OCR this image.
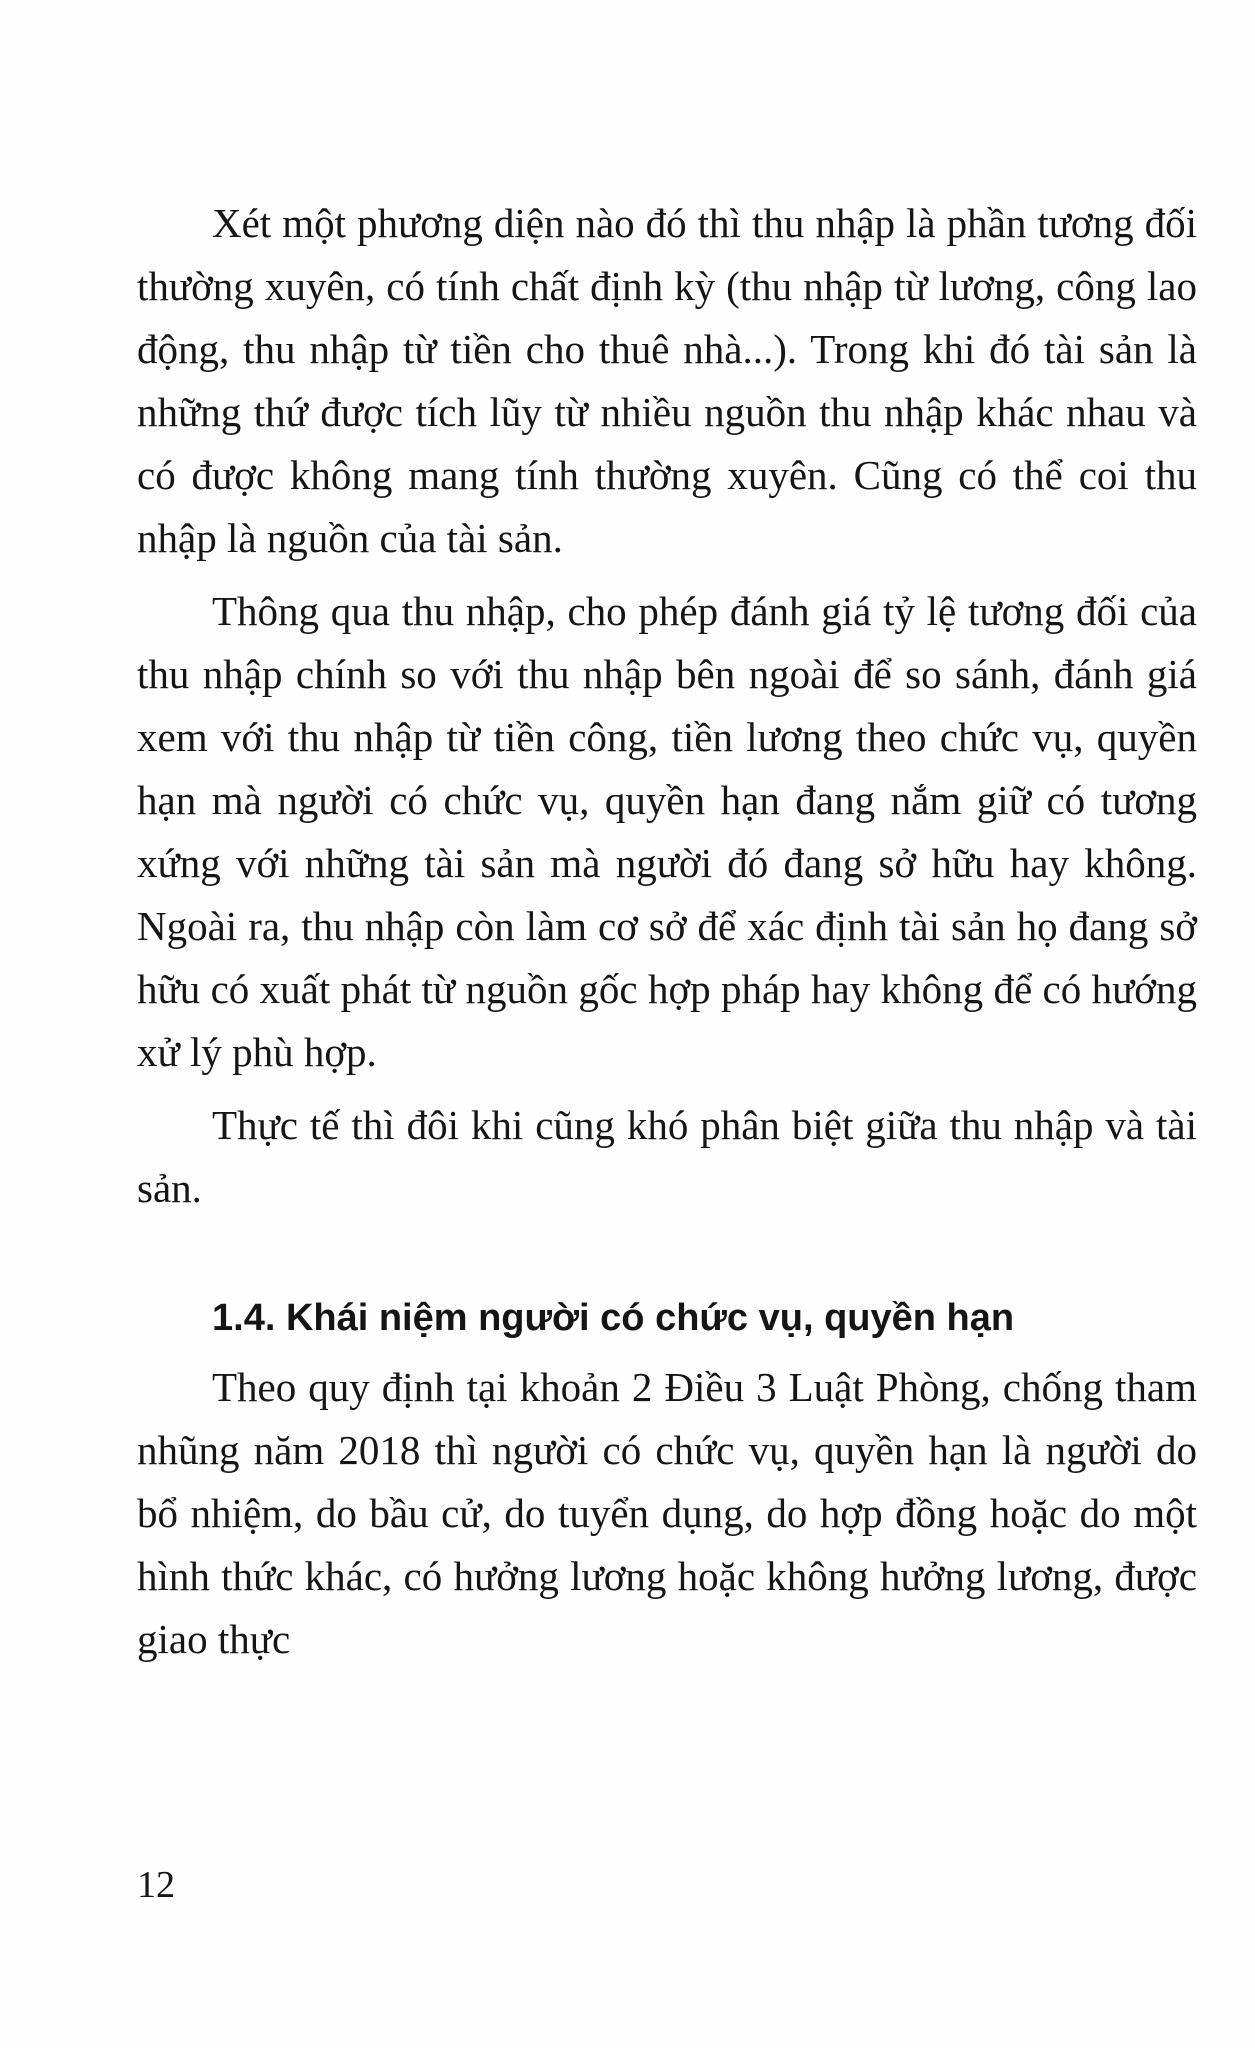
Xét một phương diện nào đó thì thu nhập là phần tương đối thường xuyên, có tính chất định kỳ (thu nhập từ lương, công lao động, thu nhập từ tiền cho thuê nhà...). Trong khi đó tài sản là những thứ được tích lũy từ nhiều nguồn thu nhập khác nhau và có được không mang tính thường xuyên. Cũng có thể coi thu nhập là nguồn của tài sản.

Thông qua thu nhập, cho phép đánh giá tỷ lệ tương đối của thu nhập chính so với thu nhập bên ngoài để so sánh, đánh giá xem với thu nhập từ tiền công, tiền lương theo chức vụ, quyền hạn mà người có chức vụ, quyền hạn đang nắm giữ có tương xứng với những tài sản mà người đó đang sở hữu hay không. Ngoài ra, thu nhập còn làm cơ sở để xác định tài sản họ đang sở hữu có xuất phát từ nguồn gốc hợp pháp hay không để có hướng xử lý phù hợp.

Thực tế thì đôi khi cũng khó phân biệt giữa thu nhập và tài sản.

1.4. Khái niệm người có chức vụ, quyền hạn

Theo quy định tại khoản 2 Điều 3 Luật Phòng, chống tham nhũng năm 2018 thì người có chức vụ, quyền hạn là người do bổ nhiệm, do bầu cử, do tuyển dụng, do hợp đồng hoặc do một hình thức khác, có hưởng lương hoặc không hưởng lương, được giao thực

12
